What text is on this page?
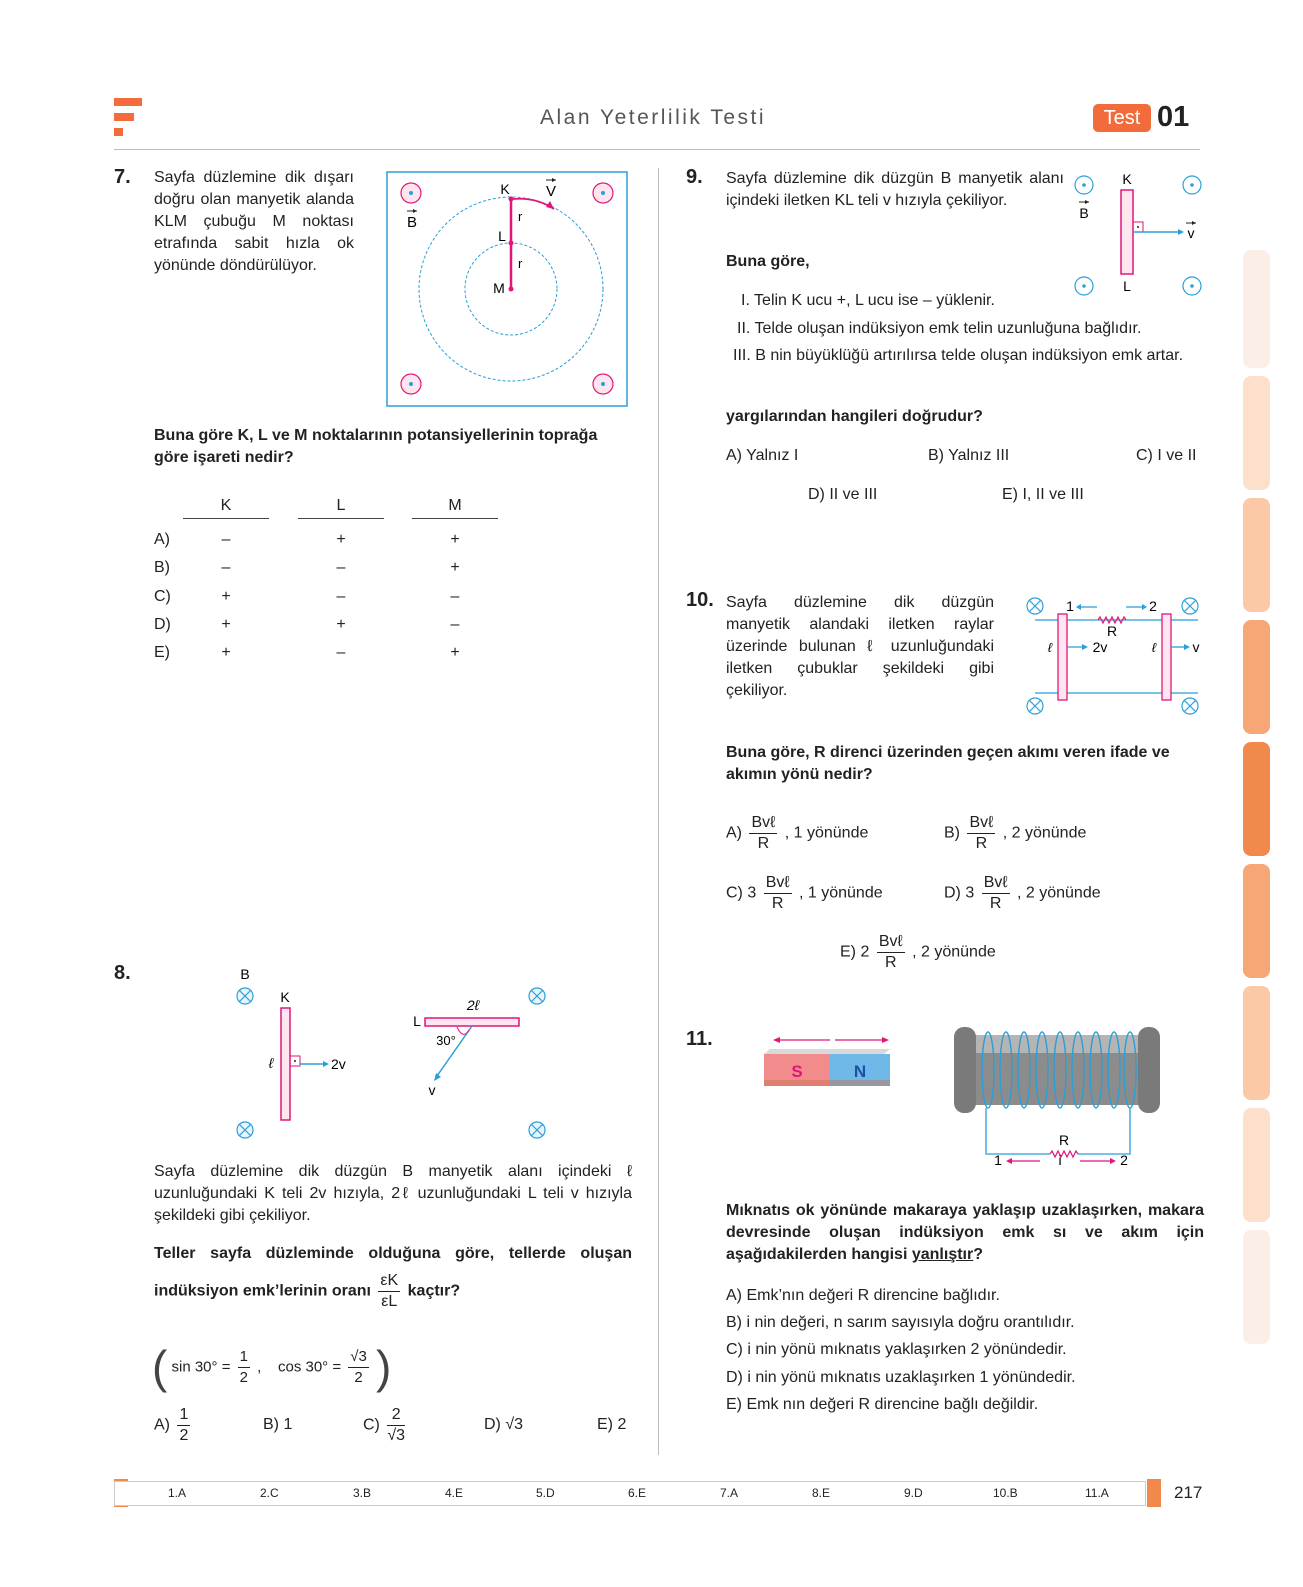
Alan Yeterlilik Testi	Test 01
7. Sayfa düzlemine dik dışarı doğru olan manyetik alanda KLM çubuğu M noktası etrafında sabit hızla ok yönünde döndürülüyor.
K
L
M
r
r
V
B
Buna göre K, L ve M noktalarının potansiyellerinin toprağa göre işareti nedir?
K	L	M
A)	–	+	+
B)	–	–	+
C)	+	–	–
D)	+	+	–
E)	+	–	+
8.	B
K
ℓ	2v
L
2ℓ
30°
v
Sayfa düzlemine dik düzgün B manyetik alanı içindeki ℓ uzunluğundaki K teli 2v hızıyla, 2ℓ uzunluğundaki L teli v hızıyla şekildeki gibi çekiliyor.
Teller sayfa düzleminde olduğuna göre, tellerde oluşan
indüksiyon emk’lerinin oranı $\frac{\varepsilon K}{\varepsilon L}$ kaçtır?
( $\sin 30^\circ = \frac{1}{2}$ ,    $\cos 30^\circ = \frac{√3}{2}$ )
$A) \frac{1}{2}$	B) 1	$C) \frac{2}{√3}$	D) √3	E) 2
9. Sayfa düzlemine dik düzgün B manyetik alanı içindeki iletken KL teli v hızıyla çekiliyor.
K
L
B
v
Buna göre,
I. Telin K ucu +, L ucu ise – yüklenir.
II. Telde oluşan indüksiyon emk telin uzunluğuna bağlıdır.
III. B nin büyüklüğü artırılırsa telde oluşan indüksiyon emk artar.
yargılarından hangileri doğrudur?
A) Yalnız I	B) Yalnız III	C) I ve II
D) II ve III	E) I, II ve III
10. Sayfa düzlemine dik düzgün manyetik alandaki iletken raylar üzerinde bulunan ℓ uzunluğundaki iletken çubuklar şekildeki gibi çekiliyor.
R
1	2
ℓ	ℓ
2v	v
Buna göre, R direnci üzerinden geçen akımı veren ifade ve akımın yönü nedir?
$A) \frac{\text{Bvℓ}}{R}$ , 1 yönünde	$B) \frac{\text{Bvℓ}}{R}$ , 2 yönünde
C) $3 \frac{\text{Bvℓ}}{R}$ , 1 yönünde	D) $3 \frac{\text{Bvℓ}}{R}$ , 2 yönünde
E) $2 \frac{\text{Bvℓ}}{R}$ , 2 yönünde
11.
S	N
R
1	i	2
Mıknatıs ok yönünde makaraya yaklaşıp uzaklaşırken, makara devresinde oluşan indüksiyon emk sı ve akım için aşağıdakilerden hangisi yanlıştır?
A) Emk’nın değeri R direncine bağlıdır.
B) i nin değeri, n sarım sayısıyla doğru orantılıdır.
C) i nin yönü mıknatıs yaklaşırken 2 yönündedir.
D) i nin yönü mıknatıs uzaklaşırken 1 yönündedir.
E) Emk nın değeri R direncine bağlı değildir.
1.A	2.C	3.B	4.E	5.D	6.E	7.A	8.E	9.D	10.B	11.A	217
